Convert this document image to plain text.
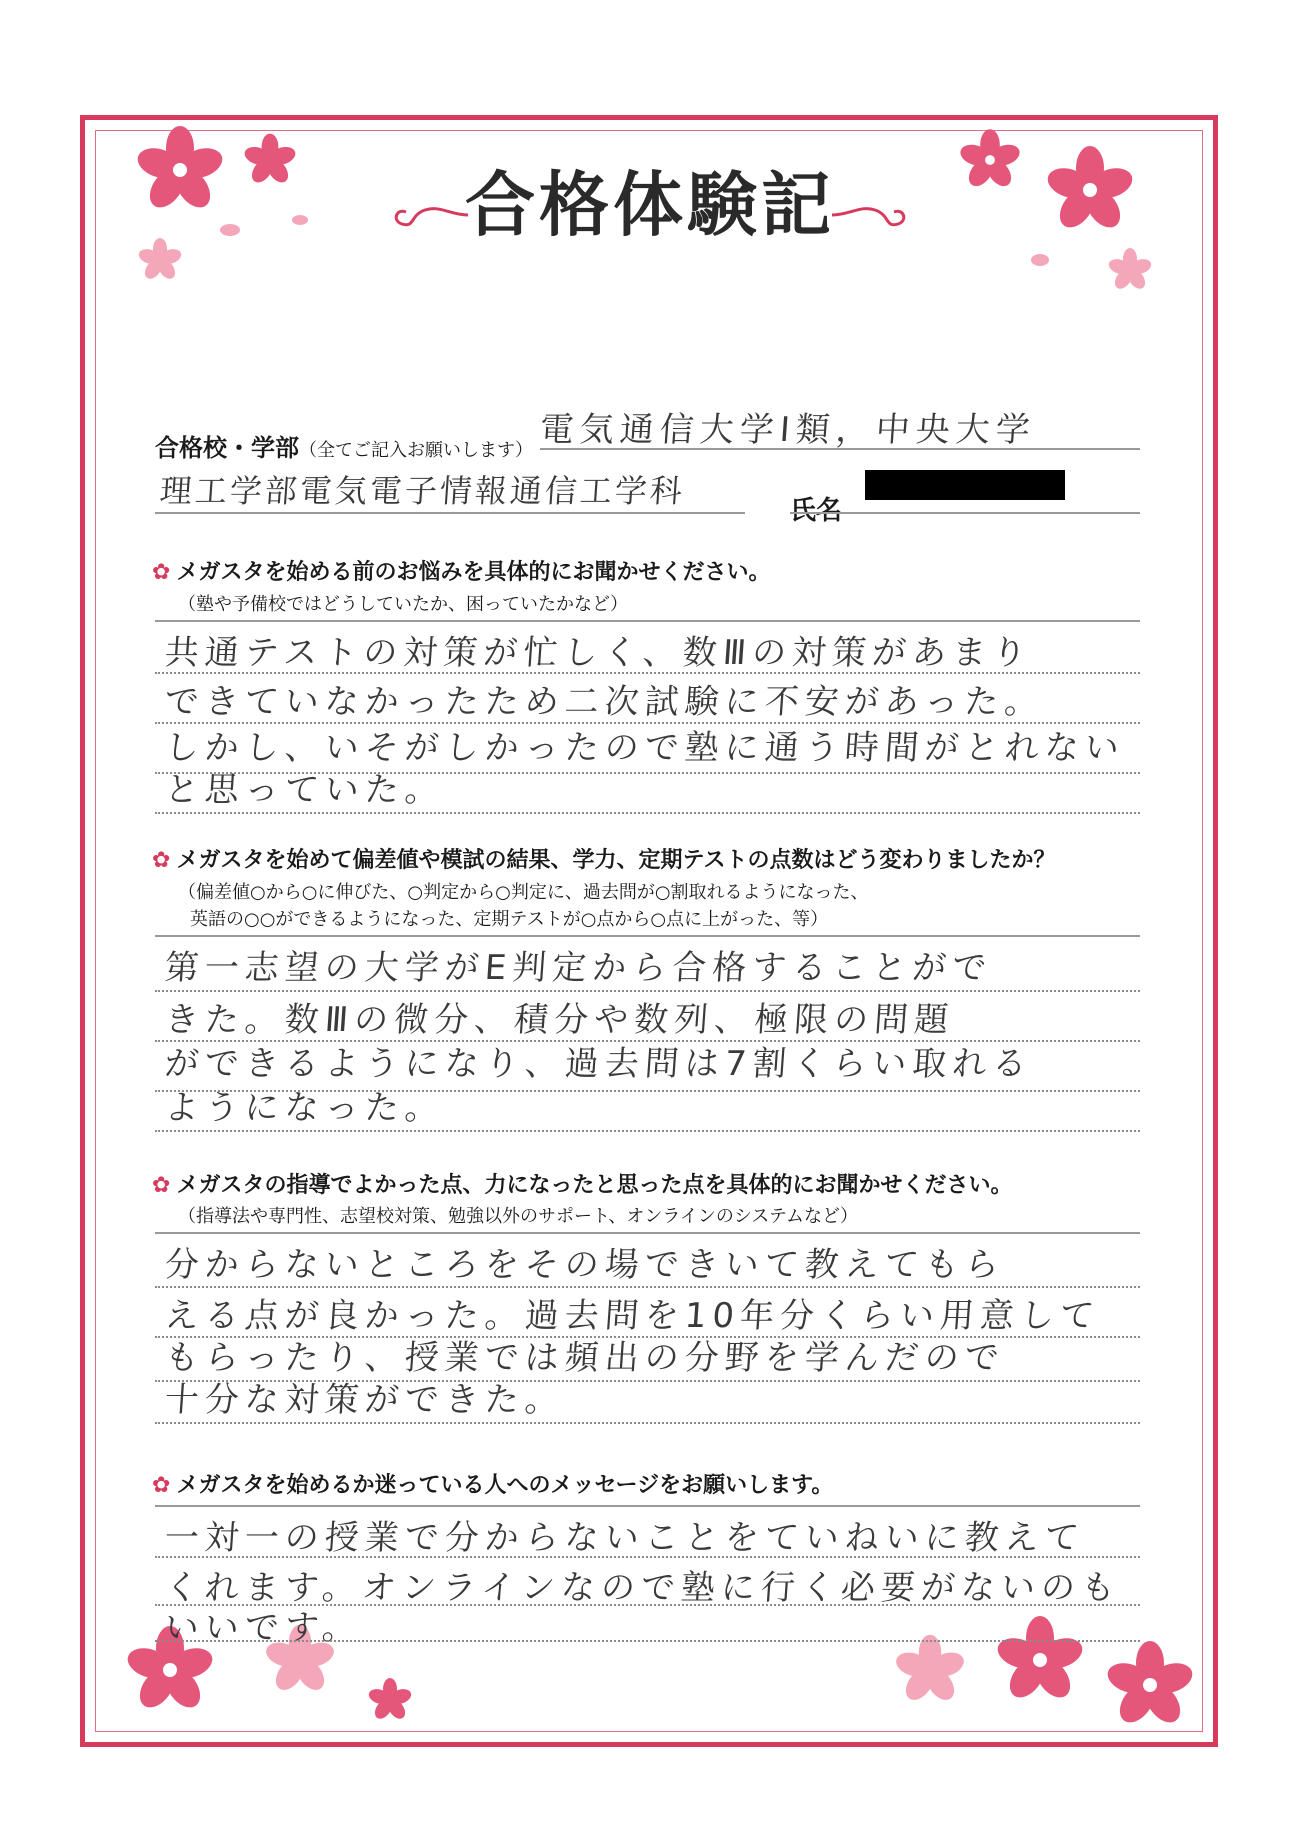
合格体験記
合格校・学部（全てご記入お願いします）
電気通信大学Ⅰ類，中央大学
理工学部電気電子情報通信工学科
氏名
✿ メガスタを始める前のお悩みを具体的にお聞かせください。
（塾や予備校ではどうしていたか、困っていたかなど）
共通テストの対策が忙しく、数Ⅲの対策があまり
できていなかったため二次試験に不安があった。
しかし、いそがしかったので塾に通う時間がとれない
と思っていた。
✿ メガスタを始めて偏差値や模試の結果、学力、定期テストの点数はどう変わりましたか？
（偏差値○から○に伸びた、○判定から○判定に、過去問が○割取れるようになった、
英語の○○ができるようになった、定期テストが○点から○点に上がった、等）
第一志望の大学がE判定から合格することがで
きた。数Ⅲの微分、積分や数列、極限の問題
ができるようになり、過去問は7割くらい取れる
ようになった。
✿ メガスタの指導でよかった点、力になったと思った点を具体的にお聞かせください。
（指導法や専門性、志望校対策、勉強以外のサポート、オンラインのシステムなど）
分からないところをその場できいて教えてもら
える点が良かった。過去問を10年分くらい用意して
もらったり、授業では頻出の分野を学んだので
十分な対策ができた。
✿ メガスタを始めるか迷っている人へのメッセージをお願いします。
一対一の授業で分からないことをていねいに教えて
くれます。オンラインなので塾に行く必要がないのも
いいです。
